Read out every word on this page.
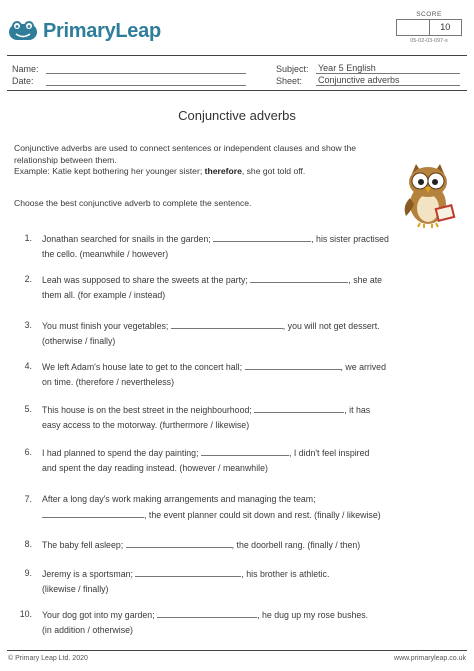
PrimaryLeap
SCORE
10
05-02-03-097-s
Name:
Date:
Subject:	Year 5 English
Sheet:	Conjunctive adverbs
Conjunctive adverbs
Conjunctive adverbs are used to connect sentences or independent clauses and show the
relationship between them.
Example: Katie kept bothering her younger sister; therefore, she got told off.
Choose the best conjunctive adverb to complete the sentence.
1. Jonathan searched for snails in the garden;	, his sister practised
the cello. (meanwhile / however)
2. Leah was supposed to share the sweets at the party;	, she ate
them all. (for example / instead)
3. You must finish your vegetables;	, you will not get dessert.
(otherwise / finally)
4. We left Adam's house late to get to the concert hall;	, we arrived
on time. (therefore / nevertheless)
5. This house is on the best street in the neighbourhood;	, it has
easy access to the motorway. (furthermore / likewise)
6. I had planned to spend the day painting;	, I didn't feel inspired
and spent the day reading instead. (however / meanwhile)
7. After a long day's work making arrangements and managing the team;
, the event planner could sit down and rest. (finally / likewise)
8. The baby fell asleep;	, the doorbell rang. (finally / then)
9. Jeremy is a sportsman;	, his brother is athletic.
(likewise / finally)
10. Your dog got into my garden;	, he dug up my rose bushes.
(in addition / otherwise)
© Primary Leap Ltd. 2020	www.primaryleap.co.uk
